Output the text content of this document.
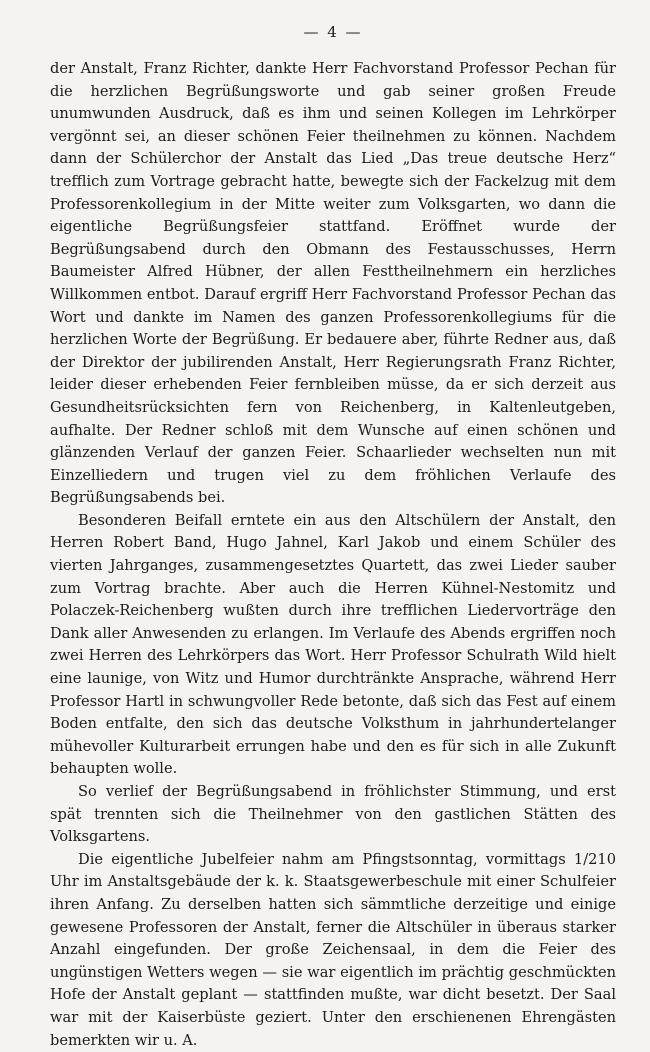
— 4 —

der Anstalt, Franz Richter, dankte Herr Fachvorstand Professor Pechan für die herzlichen Begrüßungsworte und gab seiner großen Freude unumwunden Ausdruck, daß es ihm und seinen Kollegen im Lehrkörper vergönnt sei, an dieser schönen Feier theilnehmen zu können. Nachdem dann der Schülerchor der Anstalt das Lied „Das treue deutsche Herz“ trefflich zum Vortrage gebracht hatte, bewegte sich der Fackelzug mit dem Professorenkollegium in der Mitte weiter zum Volksgarten, wo dann die eigentliche Begrüßungsfeier stattfand. Eröffnet wurde der Begrüßungsabend durch den Obmann des Festausschusses, Herrn Baumeister Alfred Hübner, der allen Festtheilnehmern ein herzliches Willkommen entbot. Darauf ergriff Herr Fachvorstand Professor Pechan das Wort und dankte im Namen des ganzen Professorenkollegiums für die herzlichen Worte der Begrüßung. Er bedauere aber, führte Redner aus, daß der Direktor der jubilirenden Anstalt, Herr Regierungsrath Franz Richter, leider dieser erhebenden Feier fernbleiben müsse, da er sich derzeit aus Gesundheitsrücksichten fern von Reichenberg, in Kaltenleutgeben, aufhalte. Der Redner schloß mit dem Wunsche auf einen schönen und glänzenden Verlauf der ganzen Feier. Schaarlieder wechselten nun mit Einzelliedern und trugen viel zu dem fröhlichen Verlaufe des Begrüßungsabends bei.

Besonderen Beifall erntete ein aus den Altschülern der Anstalt, den Herren Robert Band, Hugo Jahnel, Karl Jakob und einem Schüler des vierten Jahrganges, zusammengesetztes Quartett, das zwei Lieder sauber zum Vortrag brachte. Aber auch die Herren Kühnel-Nestomitz und Polaczek-Reichenberg wußten durch ihre trefflichen Liedervorträge den Dank aller Anwesenden zu erlangen. Im Verlaufe des Abends ergriffen noch zwei Herren des Lehrkörpers das Wort. Herr Professor Schulrath Wild hielt eine launige, von Witz und Humor durchtränkte Ansprache, während Herr Professor Hartl in schwungvoller Rede betonte, daß sich das Fest auf einem Boden entfalte, den sich das deutsche Volksthum in jahrhundertelanger mühevoller Kulturarbeit errungen habe und den es für sich in alle Zukunft behaupten wolle.

So verlief der Begrüßungsabend in fröhlichster Stimmung, und erst spät trennten sich die Theilnehmer von den gastlichen Stätten des Volksgartens.

Die eigentliche Jubelfeier nahm am Pfingstsonntag, vormittags 1/210 Uhr im Anstaltsgebäude der k. k. Staatsgewerbeschule mit einer Schulfeier ihren Anfang. Zu derselben hatten sich sämmtliche derzeitige und einige gewesene Professoren der Anstalt, ferner die Altschüler in überaus starker Anzahl eingefunden. Der große Zeichensaal, in dem die Feier des ungünstigen Wetters wegen — sie war eigentlich im prächtig geschmückten Hofe der Anstalt geplant — stattfinden mußte, war dicht besetzt. Der Saal war mit der Kaiserbüste geziert. Unter den erschienenen Ehrengästen bemerkten wir u. A.
